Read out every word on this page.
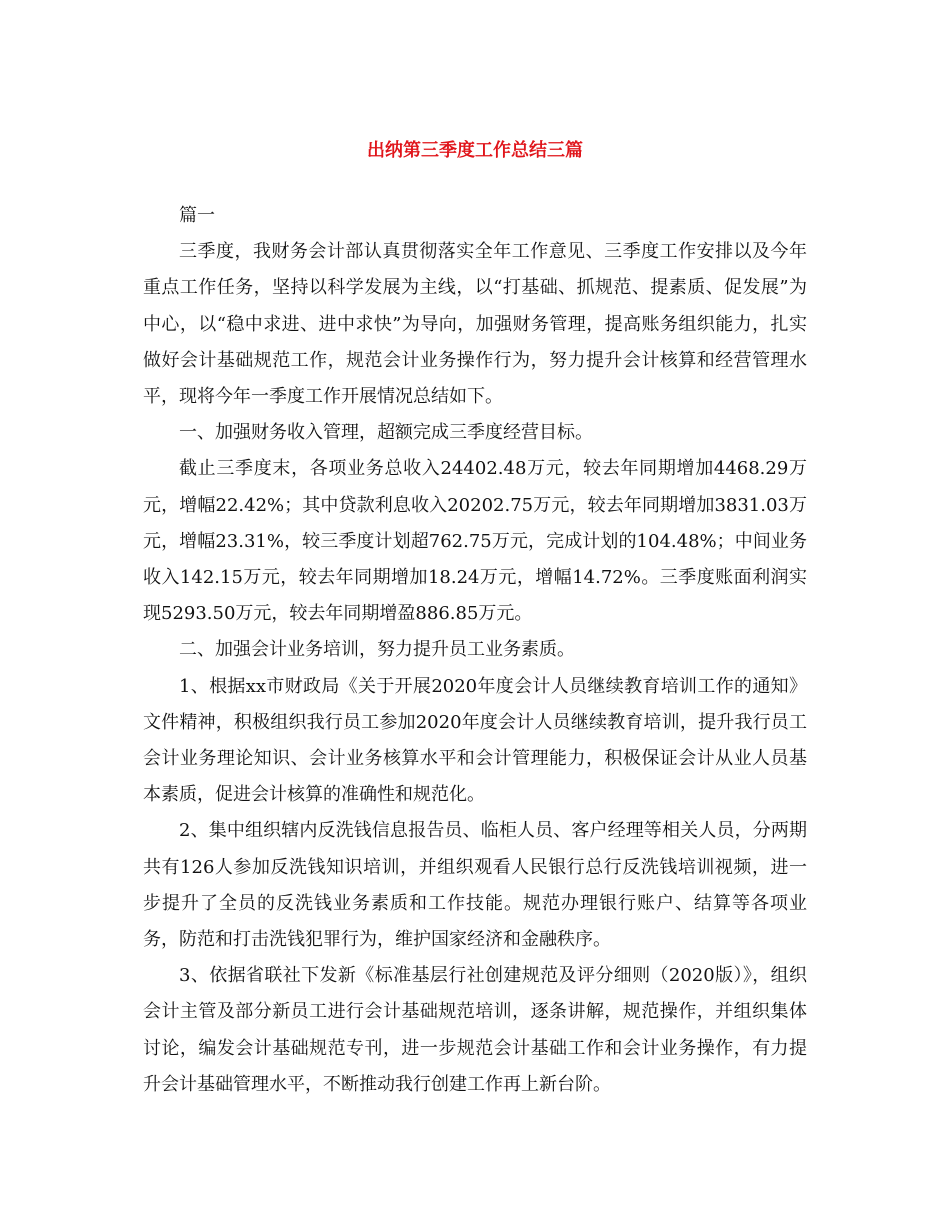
出纳第三季度工作总结三篇

篇一

三季度，我财务会计部认真贯彻落实全年工作意见、三季度工作安排以及今年重点工作任务，坚持以科学发展为主线，以“打基础、抓规范、提素质、促发展”为中心，以“稳中求进、进中求快”为导向，加强财务管理，提高账务组织能力，扎实做好会计基础规范工作，规范会计业务操作行为，努力提升会计核算和经营管理水平，现将今年一季度工作开展情况总结如下。

一、加强财务收入管理，超额完成三季度经营目标。

截止三季度末，各项业务总收入24402.48万元，较去年同期增加4468.29万元，增幅22.42%；其中贷款利息收入20202.75万元，较去年同期增加3831.03万元，增幅23.31%，较三季度计划超762.75万元，完成计划的104.48%；中间业务收入142.15万元，较去年同期增加18.24万元，增幅14.72%。三季度账面利润实现5293.50万元，较去年同期增盈886.85万元。

二、加强会计业务培训，努力提升员工业务素质。

1、根据xx市财政局《关于开展2020年度会计人员继续教育培训工作的通知》文件精神，积极组织我行员工参加2020年度会计人员继续教育培训，提升我行员工会计业务理论知识、会计业务核算水平和会计管理能力，积极保证会计从业人员基本素质，促进会计核算的准确性和规范化。

2、集中组织辖内反洗钱信息报告员、临柜人员、客户经理等相关人员，分两期共有126人参加反洗钱知识培训，并组织观看人民银行总行反洗钱培训视频，进一步提升了全员的反洗钱业务素质和工作技能。规范办理银行账户、结算等各项业务，防范和打击洗钱犯罪行为，维护国家经济和金融秩序。

3、依据省联社下发新《标准基层行社创建规范及评分细则（2020版）》，组织会计主管及部分新员工进行会计基础规范培训，逐条讲解，规范操作，并组织集体讨论，编发会计基础规范专刊，进一步规范会计基础工作和会计业务操作，有力提升会计基础管理水平，不断推动我行创建工作再上新台阶。
